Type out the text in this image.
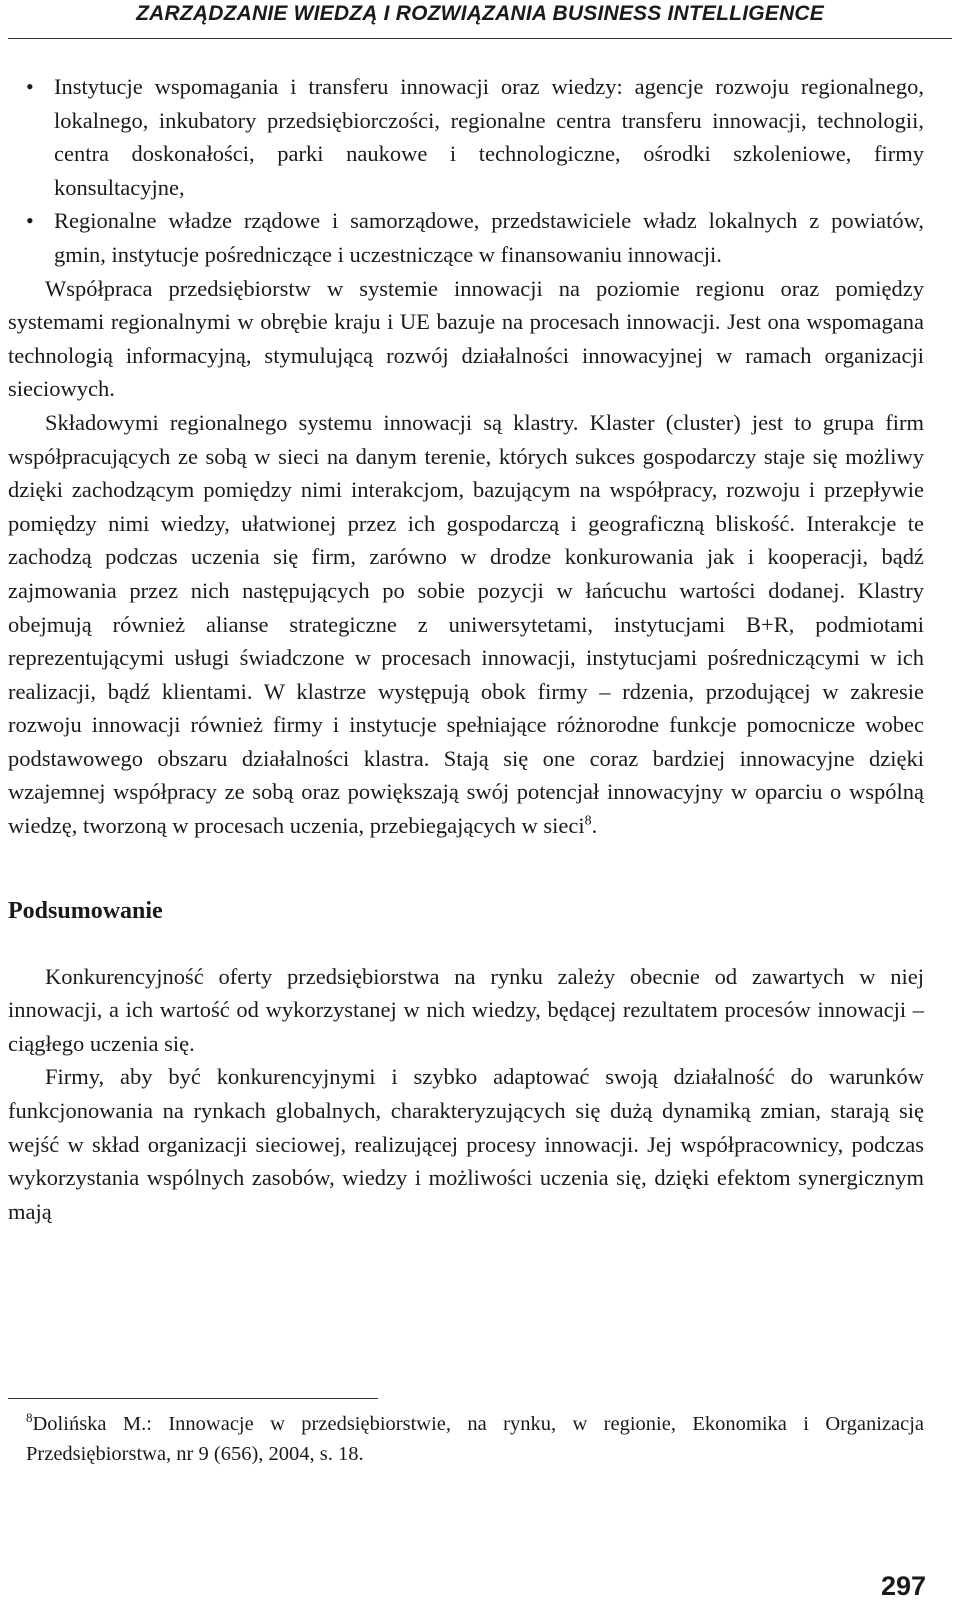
ZARZĄDZANIE WIEDZĄ I ROZWIĄZANIA BUSINESS INTELLIGENCE
• Instytucje wspomagania i transferu innowacji oraz wiedzy: agencje rozwoju regionalnego, lokalnego, inkubatory przedsiębiorczości, regionalne centra transferu innowacji, technologii, centra doskonałości, parki naukowe i technologiczne, ośrodki szkoleniowe, firmy konsultacyjne,
• Regionalne władze rządowe i samorządowe, przedstawiciele władz lokalnych z powiatów, gmin, instytucje pośredniczące i uczestniczące w finansowaniu innowacji.

Współpraca przedsiębiorstw w systemie innowacji na poziomie regionu oraz pomiędzy systemami regionalnymi w obrębie kraju i UE bazuje na procesach innowacji. Jest ona wspomagana technologią informacyjną, stymulującą rozwój działalności innowacyjnej w ramach organizacji sieciowych.

Składowymi regionalnego systemu innowacji są klastry. Klaster (cluster) jest to grupa firm współpracujących ze sobą w sieci na danym terenie, których sukces gospodarczy staje się możliwy dzięki zachodzącym pomiędzy nimi interakcjom, bazującym na współpracy, rozwoju i przepływie pomiędzy nimi wiedzy, ułatwionej przez ich gospodarczą i geograficzną bliskość. Interakcje te zachodzą podczas uczenia się firm, zarówno w drodze konkurowania jak i kooperacji, bądź zajmowania przez nich następujących po sobie pozycji w łańcuchu wartości dodanej. Klastry obejmują również alianse strategiczne z uniwersytetami, instytucjami B+R, podmiotami reprezentującymi usługi świadczone w procesach innowacji, instytucjami pośredniczącymi w ich realizacji, bądź klientami. W klastrze występują obok firmy – rdzenia, przodującej w zakresie rozwoju innowacji również firmy i instytucje spełniające różnorodne funkcje pomocnicze wobec podstawowego obszaru działalności klastra. Stają się one coraz bardziej innowacyjne dzięki wzajemnej współpracy ze sobą oraz powiększają swój potencjał innowacyjny w oparciu o wspólną wiedzę, tworzoną w procesach uczenia, przebiegających w sieci$^8$.

Podsumowanie

Konkurencyjność oferty przedsiębiorstwa na rynku zależy obecnie od zawartych w niej innowacji, a ich wartość od wykorzystanej w nich wiedzy, będącej rezultatem procesów innowacji – ciągłego uczenia się.

Firmy, aby być konkurencyjnymi i szybko adaptować swoją działalność do warunków funkcjonowania na rynkach globalnych, charakteryzujących się dużą dynamiką zmian, starają się wejść w skład organizacji sieciowej, realizującej procesy innowacji. Jej współpracownicy, podczas wykorzystania wspólnych zasobów, wiedzy i możliwości uczenia się, dzięki efektom synergicznym mają

$^8$Dolińska M.: Innowacje w przedsiębiorstwie, na rynku, w regionie, Ekonomika i Organizacja Przedsiębiorstwa, nr 9 (656), 2004, s. 18.
297
